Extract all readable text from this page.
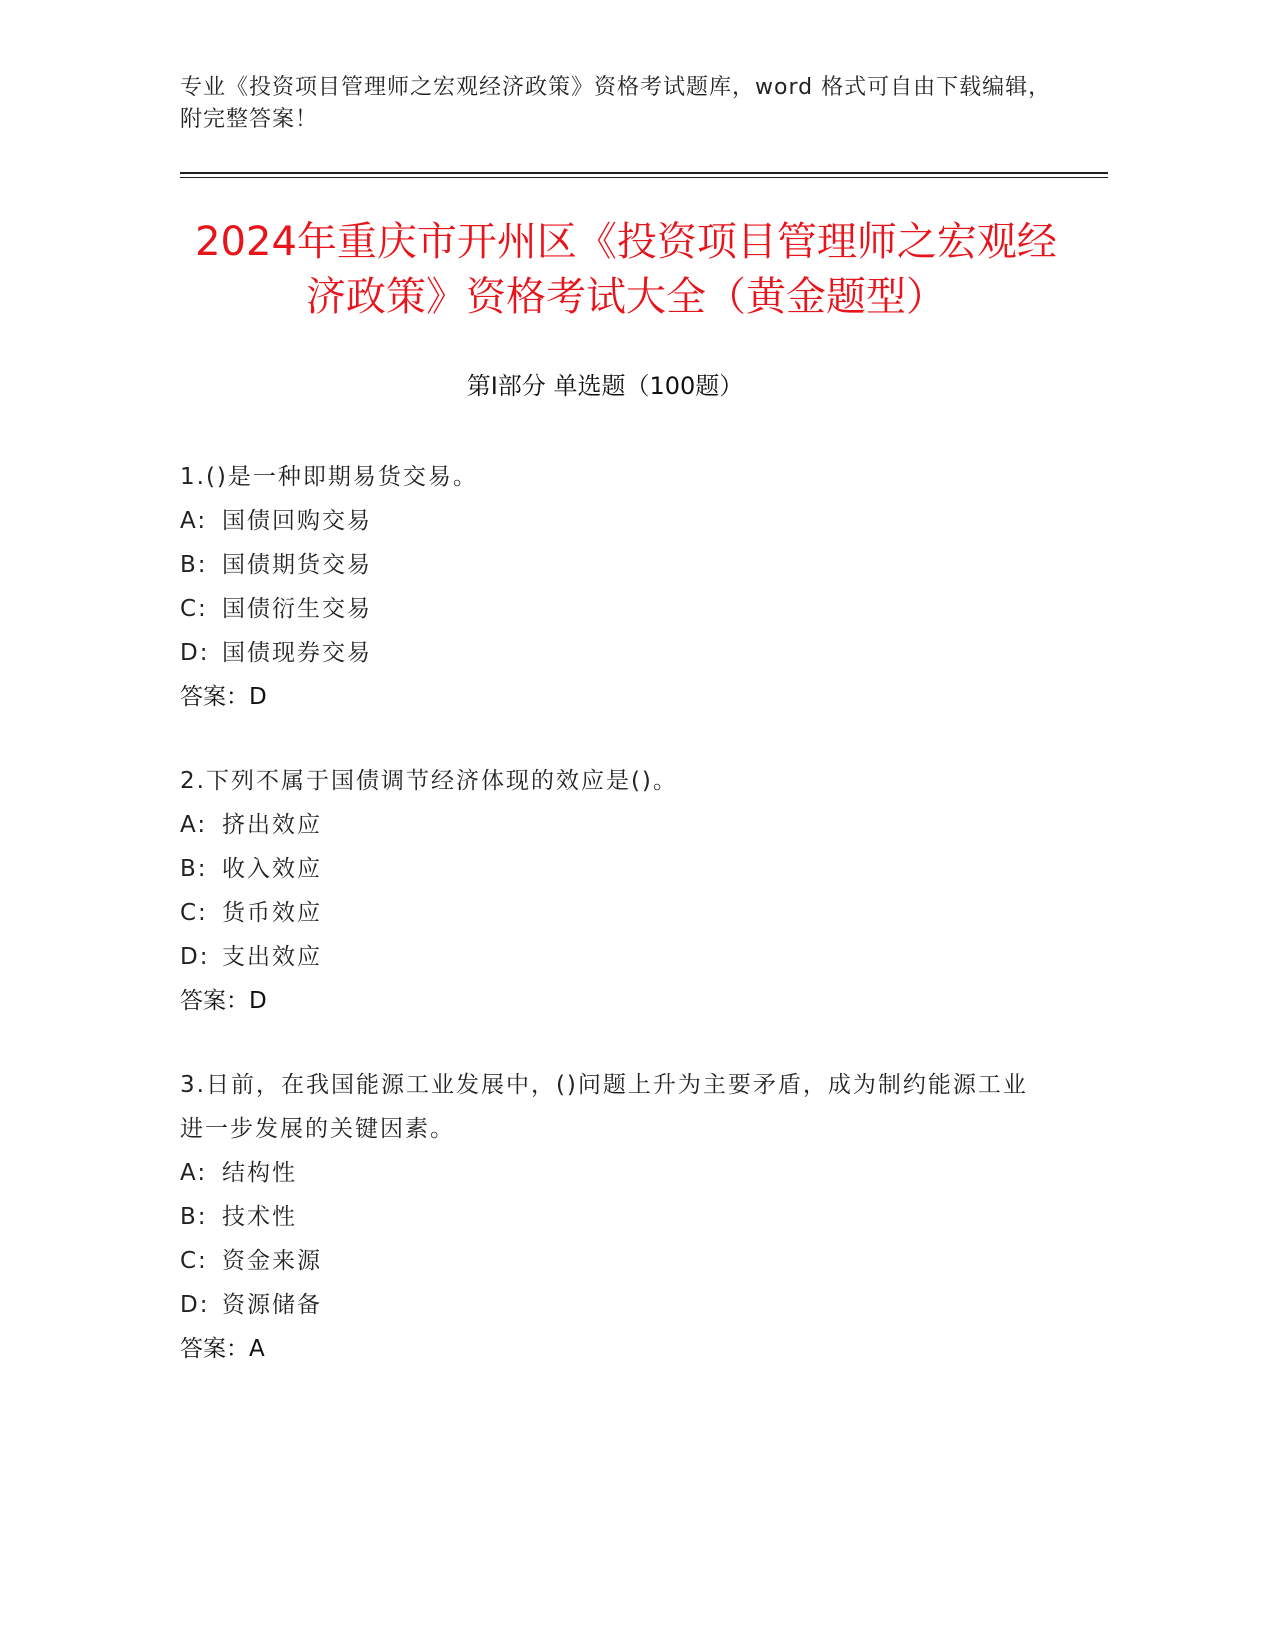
专业《投资项目管理师之宏观经济政策》资格考试题库，word 格式可自由下载编辑，附完整答案！
2024年重庆市开州区《投资项目管理师之宏观经济政策》资格考试大全（黄金题型）
第Ⅰ部分 单选题（100题）
1.()是一种即期易货交易。
A: 国债回购交易
B: 国债期货交易
C: 国债衍生交易
D: 国债现券交易
答案：D
2.下列不属于国债调节经济体现的效应是()。
A: 挤出效应
B: 收入效应
C: 货币效应
D: 支出效应
答案：D
3.日前，在我国能源工业发展中，()问题上升为主要矛盾，成为制约能源工业进一步发展的关键因素。
A: 结构性
B: 技术性
C: 资金来源
D: 资源储备
答案：A
